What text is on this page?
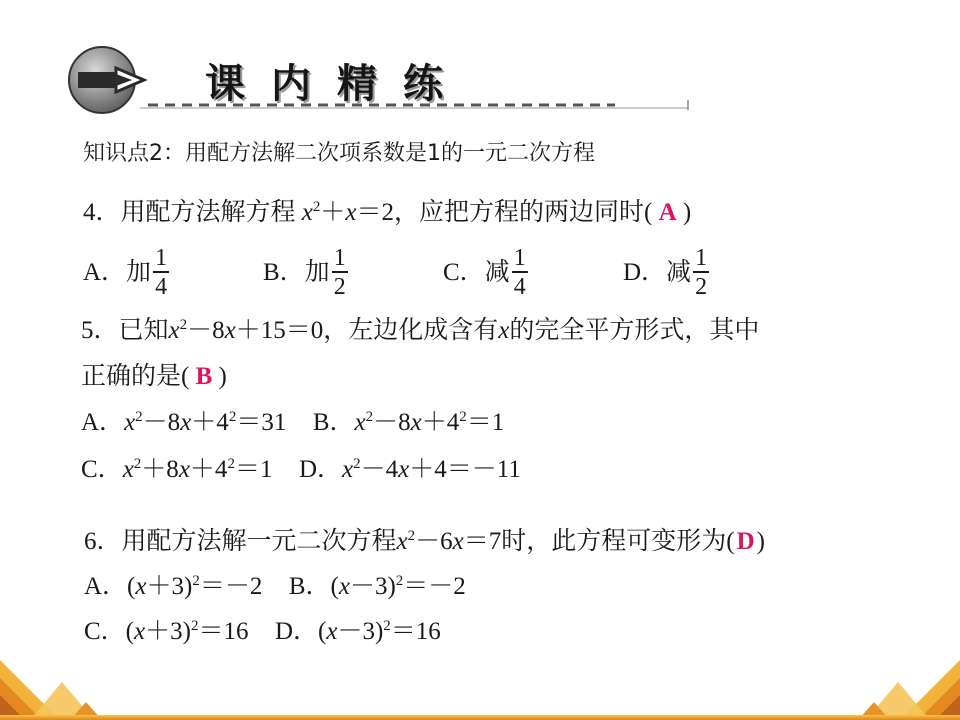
课 内 精 练
知识点2：用配方法解二次项系数是1的一元二次方程
4．用配方法解方程 $x^2+x=2$，应把方程的两边同时( A )
A．加 $\frac{1}{4}$	B．加 $\frac{1}{2}$	C．减 $\frac{1}{4}$	D．减 $\frac{1}{2}$
5．已知$x^2-8x+15=0$，左边化成含有x的完全平方形式，其中
正确的是( B )
A．$x^2-8x+4^2=31$ B．$x^2-8x+4^2=1$
C．$x^2+8x+4^2=1$ D．$x^2-4x+4=-11$
6．用配方法解一元二次方程$x^2-6x=7$时，此方程可变形为(D)
A．$(x+3)^2=-2$ B．$(x-3)^2=-2$
C．$(x+3)^2=16$ D．$(x-3)^2=16$
